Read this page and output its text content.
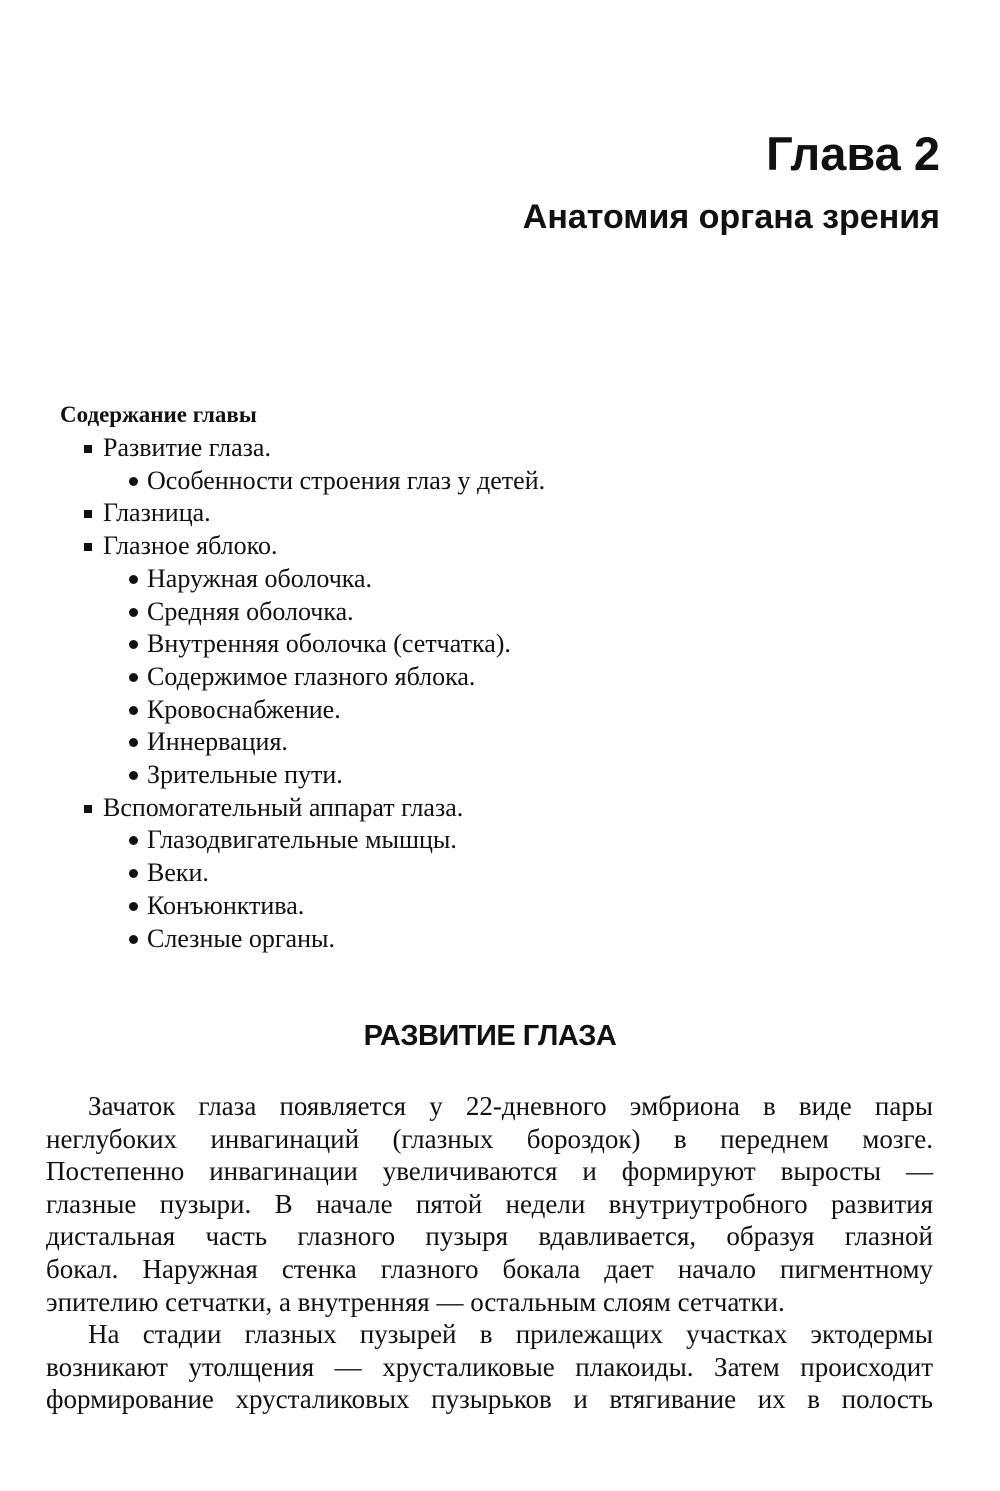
Глава 2
Анатомия органа зрения
Содержание главы
Развитие глаза.
Особенности строения глаз у детей.
Глазница.
Глазное яблоко.
Наружная оболочка.
Средняя оболочка.
Внутренняя оболочка (сетчатка).
Содержимое глазного яблока.
Кровоснабжение.
Иннервация.
Зрительные пути.
Вспомогательный аппарат глаза.
Глазодвигательные мышцы.
Веки.
Конъюнктива.
Слезные органы.
РАЗВИТИЕ ГЛАЗА
Зачаток глаза появляется у 22-дневного эмбриона в виде пары
неглубоких инвагинаций (глазных бороздок) в переднем мозге.
Постепенно инвагинации увеличиваются и формируют выросты —
глазные пузыри. В начале пятой недели внутриутробного развития
дистальная часть глазного пузыря вдавливается, образуя глазной
бокал. Наружная стенка глазного бокала дает начало пигментному
эпителию сетчатки, а внутренняя — остальным слоям сетчатки.
На стадии глазных пузырей в прилежащих участках эктодермы
возникают утолщения — хрусталиковые плакоиды. Затем происходит
формирование хрусталиковых пузырьков и втягивание их в полость
